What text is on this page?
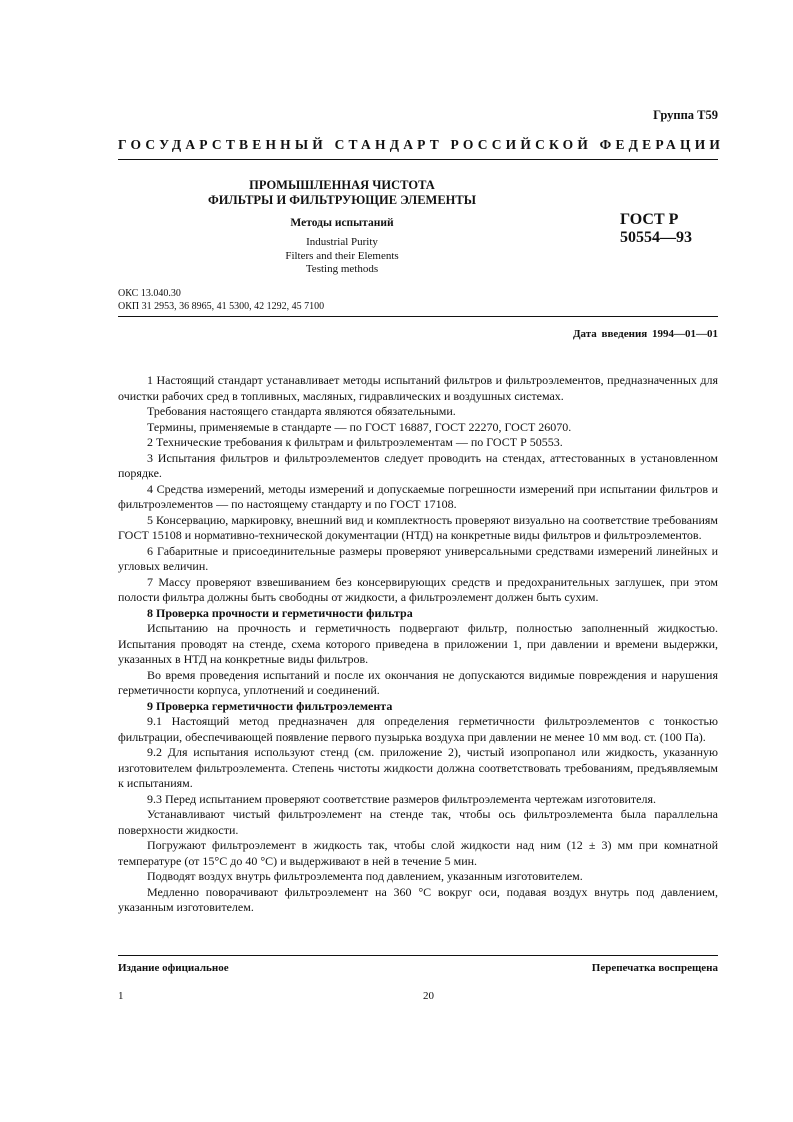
Группа Т59
ГОСУДАРСТВЕННЫЙ СТАНДАРТ РОССИЙСКОЙ ФЕДЕРАЦИИ
ПРОМЫШЛЕННАЯ ЧИСТОТА
ФИЛЬТРЫ И ФИЛЬТРУЮЩИЕ ЭЛЕМЕНТЫ
Методы испытаний
Industrial Purity
Filters and their Elements
Testing methods
ГОСТ Р
50554—93
ОКС 13.040.30
ОКП 31 2953, 36 8965, 41 5300, 42 1292, 45 7100
Дата введения 1994—01—01

1 Настоящий стандарт устанавливает методы испытаний фильтров и фильтроэлементов, предназначенных для очистки рабочих сред в топливных, масляных, гидравлических и воздушных системах.

Требования настоящего стандарта являются обязательными.

Термины, применяемые в стандарте — по ГОСТ 16887, ГОСТ 22270, ГОСТ 26070.

2 Технические требования к фильтрам и фильтроэлементам — по ГОСТ Р 50553.

3 Испытания фильтров и фильтроэлементов следует проводить на стендах, аттестованных в установленном порядке.

4 Средства измерений, методы измерений и допускаемые погрешности измерений при испытании фильтров и фильтроэлементов — по настоящему стандарту и по ГОСТ 17108.

5 Консервацию, маркировку, внешний вид и комплектность проверяют визуально на соответствие требованиям ГОСТ 15108 и нормативно-технической документации (НТД) на конкретные виды фильтров и фильтроэлементов.

6 Габаритные и присоединительные размеры проверяют универсальными средствами измерений линейных и угловых величин.

7 Массу проверяют взвешиванием без консервирующих средств и предохранительных заглушек, при этом полости фильтра должны быть свободны от жидкости, а фильтроэлемент должен быть сухим.

8 Проверка прочности и герметичности фильтра

Испытанию на прочность и герметичность подвергают фильтр, полностью заполненный жидкостью. Испытания проводят на стенде, схема которого приведена в приложении 1, при давлении и времени выдержки, указанных в НТД на конкретные виды фильтров.

Во время проведения испытаний и после их окончания не допускаются видимые повреждения и нарушения герметичности корпуса, уплотнений и соединений.

9 Проверка герметичности фильтроэлемента

9.1 Настоящий метод предназначен для определения герметичности фильтроэлементов с тонкостью фильтрации, обеспечивающей появление первого пузырька воздуха при давлении не менее 10 мм вод. ст. (100 Па).

9.2 Для испытания используют стенд (см. приложение 2), чистый изопропанол или жидкость, указанную изготовителем фильтроэлемента. Степень чистоты жидкости должна соответствовать требованиям, предъявляемым к испытаниям.

9.3 Перед испытанием проверяют соответствие размеров фильтроэлемента чертежам изготовителя.

Устанавливают чистый фильтроэлемент на стенде так, чтобы ось фильтроэлемента была параллельна поверхности жидкости.

Погружают фильтроэлемент в жидкость так, чтобы слой жидкости над ним (12 ± 3) мм при комнатной температуре (от 15°С до 40 °С) и выдерживают в ней в течение 5 мин.

Подводят воздух внутрь фильтроэлемента под давлением, указанным изготовителем.

Медленно поворачивают фильтроэлемент на 360 °С вокруг оси, подавая воздух внутрь под давлением, указанным изготовителем.

Издание официальное	Перепечатка воспрещена
1	20
